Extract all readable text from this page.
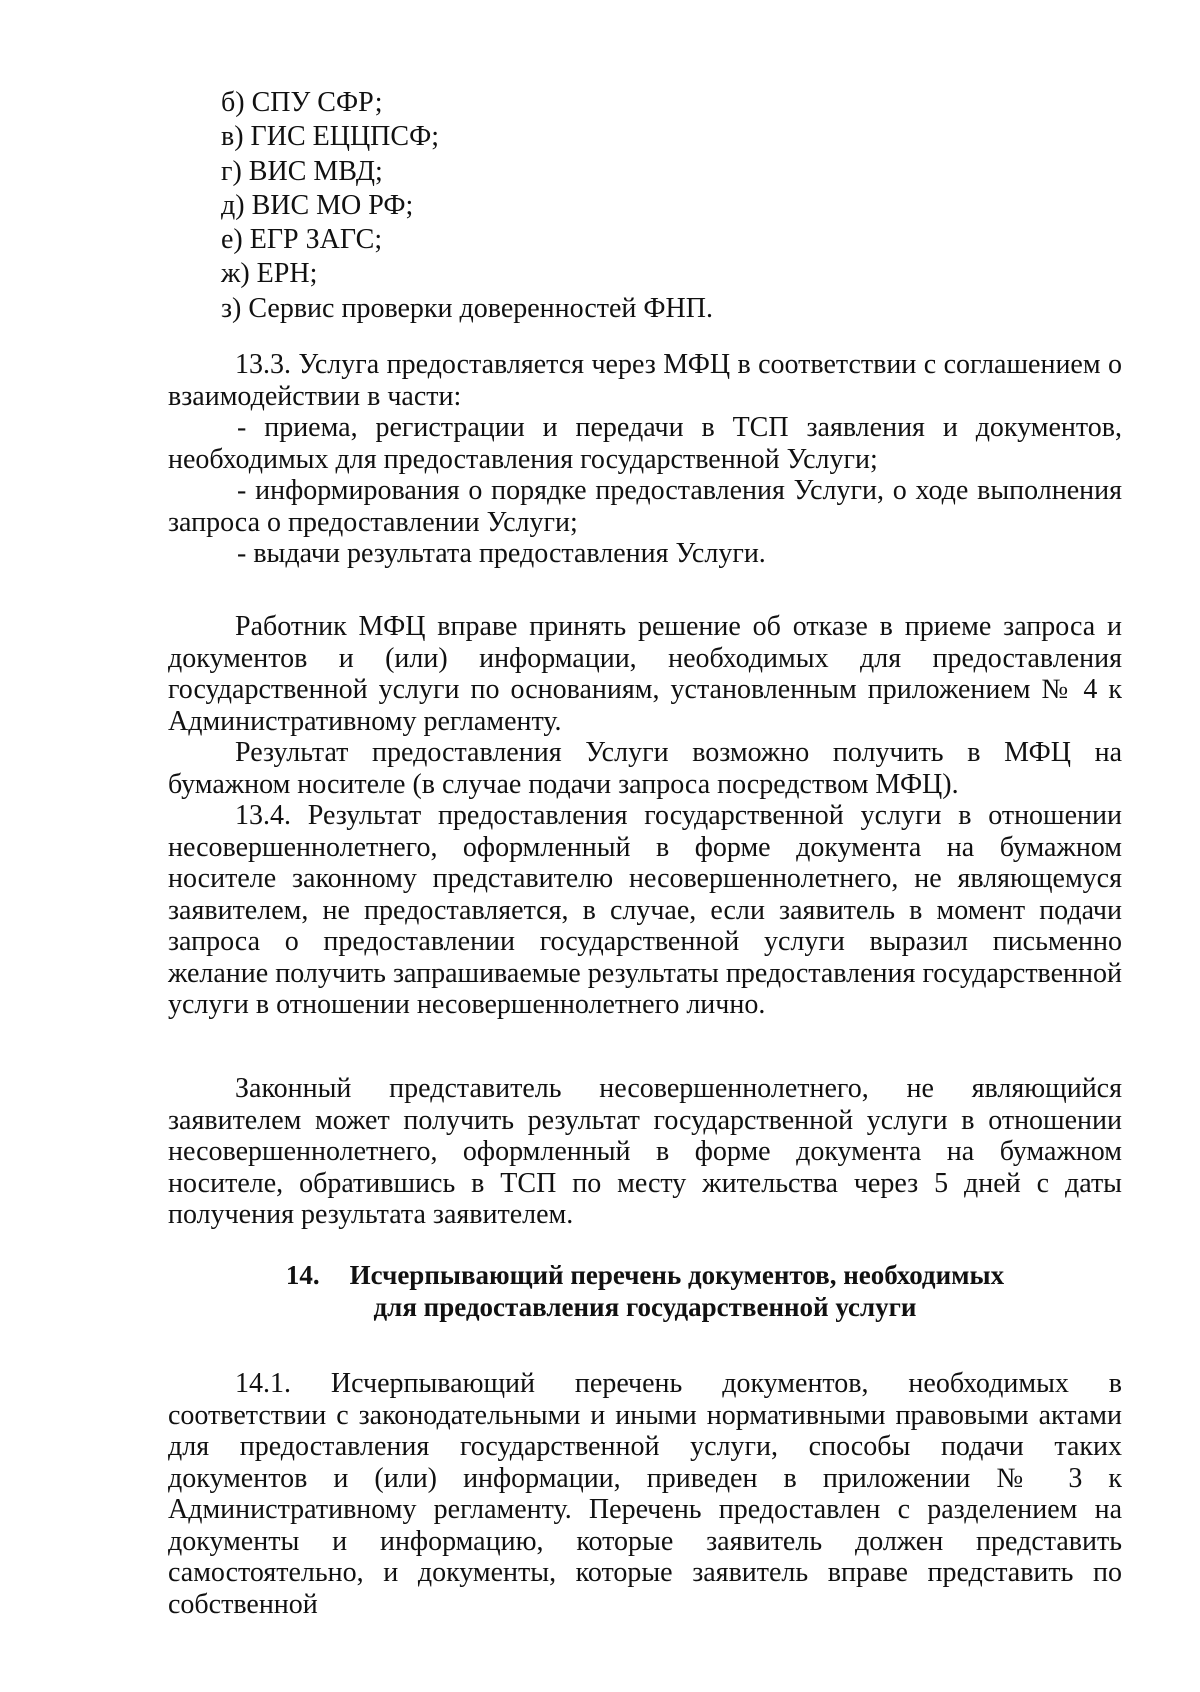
б) СПУ СФР;
в) ГИС ЕЦЦПСФ;
г) ВИС МВД;
д) ВИС МО РФ;
е) ЕГР ЗАГС;
ж) ЕРН;
з) Сервис проверки доверенностей ФНП.

13.3. Услуга предоставляется через МФЦ в соответствии с соглашением о взаимодействии в части:

- приема, регистрации и передачи в ТСП заявления и документов, необходимых для предоставления государственной Услуги;

- информирования о порядке предоставления Услуги, о ходе выполнения запроса о предоставлении Услуги;

- выдачи результата предоставления Услуги.

Работник МФЦ вправе принять решение об отказе в приеме запроса и документов и (или) информации, необходимых для предоставления государственной услуги по основаниям, установленным приложением № 4 к Административному регламенту.

Результат предоставления Услуги возможно получить в МФЦ на бумажном носителе (в случае подачи запроса посредством МФЦ).

13.4. Результат предоставления государственной услуги в отношении несовершеннолетнего, оформленный в форме документа на бумажном носителе законному представителю несовершеннолетнего, не являющемуся заявителем, не предоставляется, в случае, если заявитель в момент подачи запроса о предоставлении государственной услуги выразил письменно желание получить запрашиваемые результаты предоставления государственной услуги в отношении несовершеннолетнего лично.

Законный представитель несовершеннолетнего, не являющийся заявителем может получить результат государственной услуги в отношении несовершеннолетнего, оформленный в форме документа на бумажном носителе, обратившись в ТСП по месту жительства через 5 дней с даты получения результата заявителем.

14. Исчерпывающий перечень документов, необходимых
для предоставления государственной услуги

14.1. Исчерпывающий перечень документов, необходимых в соответствии с законодательными и иными нормативными правовыми актами для предоставления государственной услуги, способы подачи таких документов и (или) информации, приведен в приложении № 3 к Административному регламенту. Перечень предоставлен с разделением на документы и информацию, которые заявитель должен представить самостоятельно, и документы, которые заявитель вправе представить по собственной
